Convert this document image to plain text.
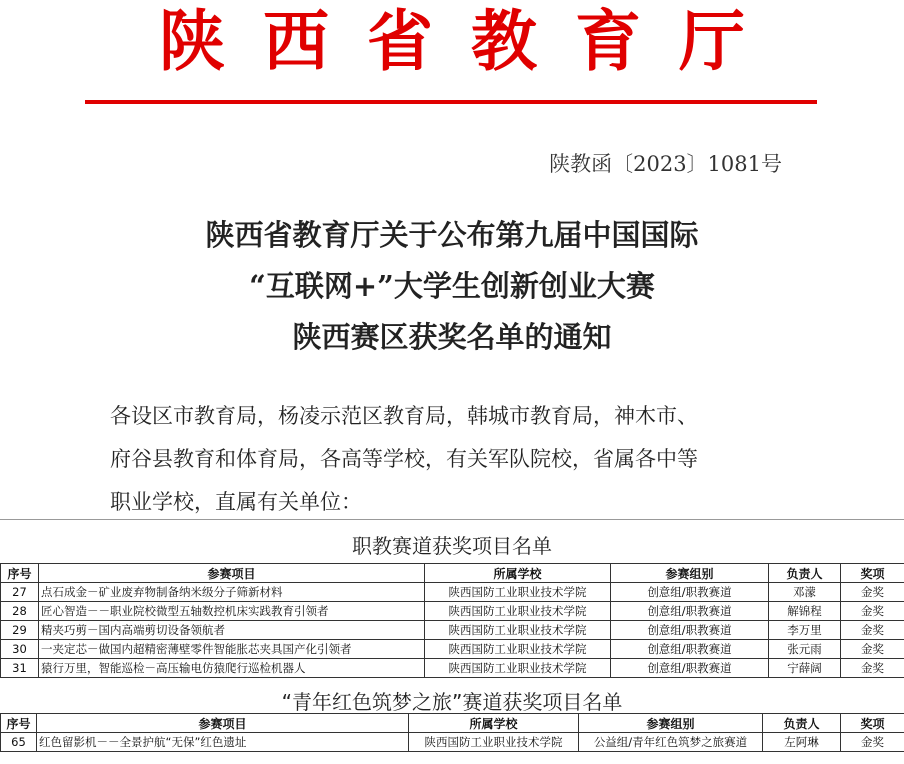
陕西省教育厅
陕教函〔2023〕1081号
陕西省教育厅关于公布第九届中国国际
“互联网+”大学生创新创业大赛
陕西赛区获奖名单的通知
各设区市教育局，杨凌示范区教育局，韩城市教育局，神木市、
府谷县教育和体育局，各高等学校，有关军队院校，省属各中等
职业学校，直属有关单位：
职教赛道获奖项目名单
序号	参赛项目	所属学校	参赛组别	负责人	奖项
27	点石成金－矿业废弃物制备纳米级分子筛新材料	陕西国防工业职业技术学院	创意组/职教赛道	邓濛	金奖
28	匠心智造－－职业院校微型五轴数控机床实践教育引领者	陕西国防工业职业技术学院	创意组/职教赛道	解锦程	金奖
29	精夹巧剪－国内高端剪切设备领航者	陕西国防工业职业技术学院	创意组/职教赛道	李万里	金奖
30	一夹定芯－做国内超精密薄壁零件智能胀芯夹具国产化引领者	陕西国防工业职业技术学院	创意组/职教赛道	张元雨	金奖
31	猿行万里，智能巡检－高压输电仿猿爬行巡检机器人	陕西国防工业职业技术学院	创意组/职教赛道	宁薛阔	金奖
“青年红色筑梦之旅”赛道获奖项目名单
序号	参赛项目	所属学校	参赛组别	负责人	奖项
65	红色留影机－－全景护航“无保”红色遗址	陕西国防工业职业技术学院	公益组/青年红色筑梦之旅赛道	左阿琳	金奖
